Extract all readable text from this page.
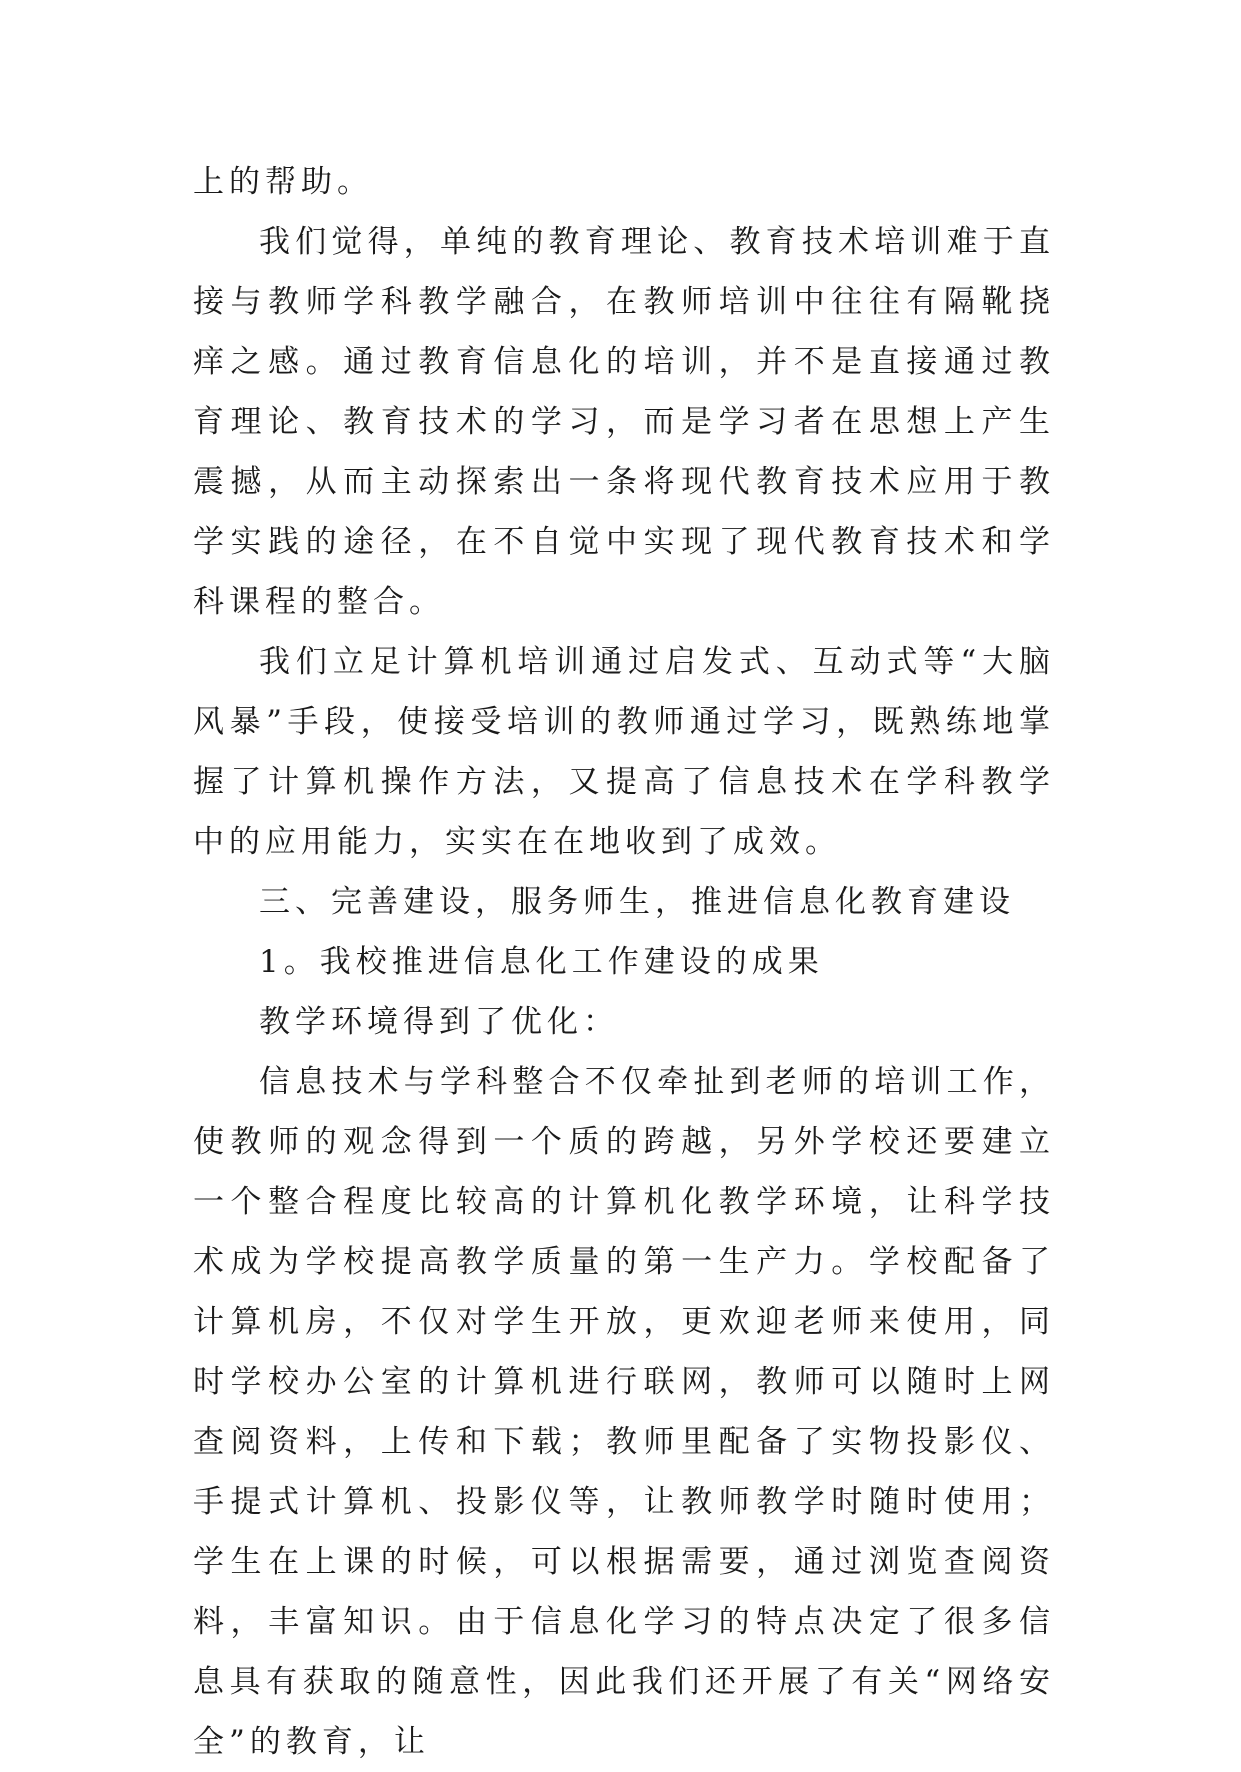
上的帮助。

我们觉得，单纯的教育理论、教育技术培训难于直接与教师学科教学融合，在教师培训中往往有隔靴挠痒之感。通过教育信息化的培训，并不是直接通过教育理论、教育技术的学习，而是学习者在思想上产生震撼，从而主动探索出一条将现代教育技术应用于教学实践的途径，在不自觉中实现了现代教育技术和学科课程的整合。

我们立足计算机培训通过启发式、互动式等“大脑风暴”手段，使接受培训的教师通过学习，既熟练地掌握了计算机操作方法，又提高了信息技术在学科教学中的应用能力，实实在在地收到了成效。

三、完善建设，服务师生，推进信息化教育建设

1。我校推进信息化工作建设的成果

教学环境得到了优化：

信息技术与学科整合不仅牵扯到老师的培训工作，使教师的观念得到一个质的跨越，另外学校还要建立一个整合程度比较高的计算机化教学环境，让科学技术成为学校提高教学质量的第一生产力。学校配备了计算机房，不仅对学生开放，更欢迎老师来使用，同时学校办公室的计算机进行联网，教师可以随时上网查阅资料，上传和下载；教师里配备了实物投影仪、手提式计算机、投影仪等，让教师教学时随时使用；学生在上课的时候，可以根据需要，通过浏览查阅资料，丰富知识。由于信息化学习的特点决定了很多信息具有获取的随意性，因此我们还开展了有关“网络安全”的教育，让
